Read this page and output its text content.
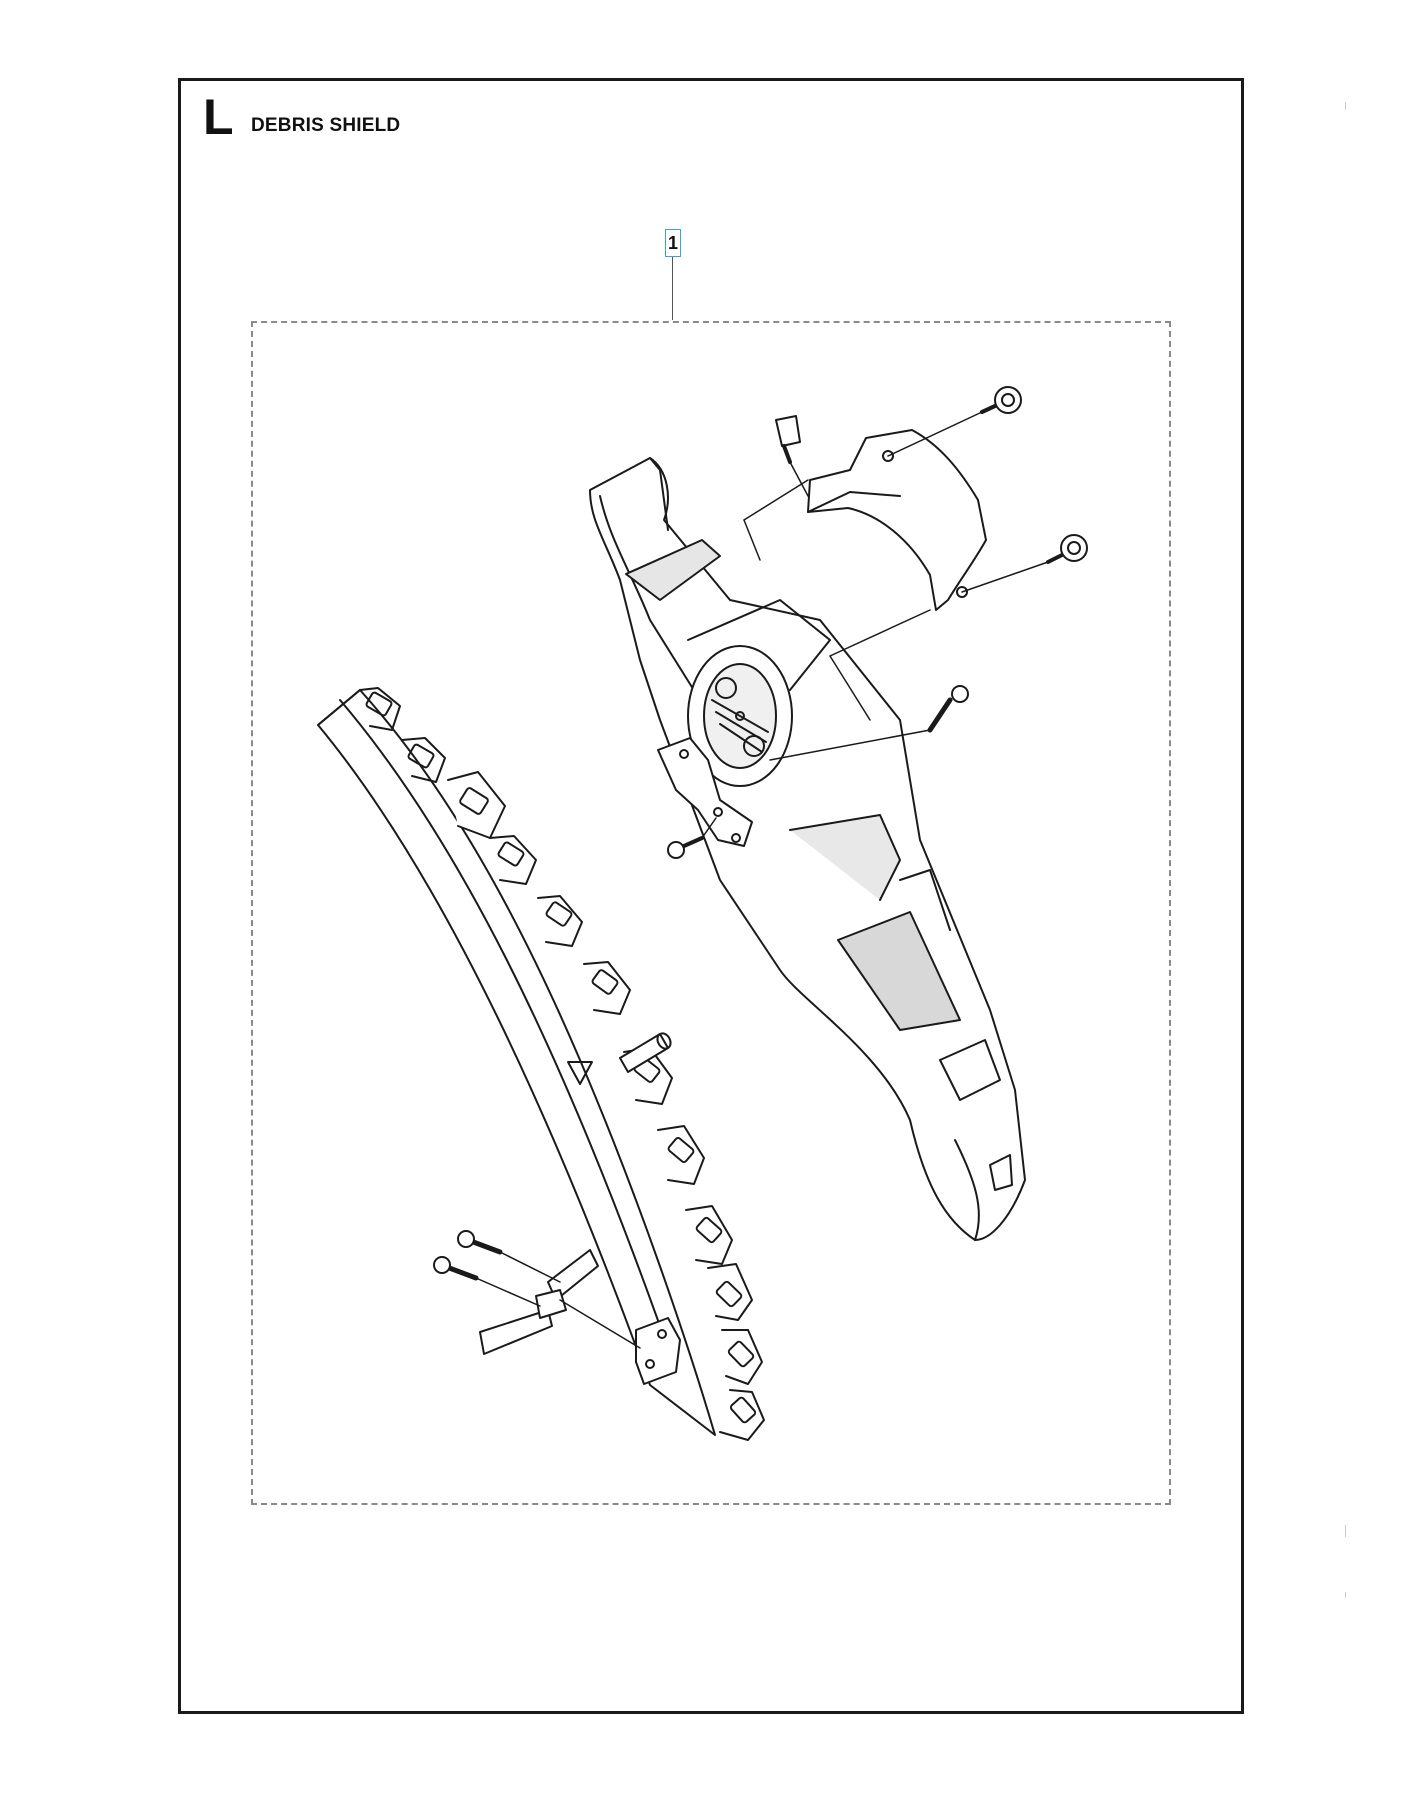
L DEBRIS SHIELD
1
